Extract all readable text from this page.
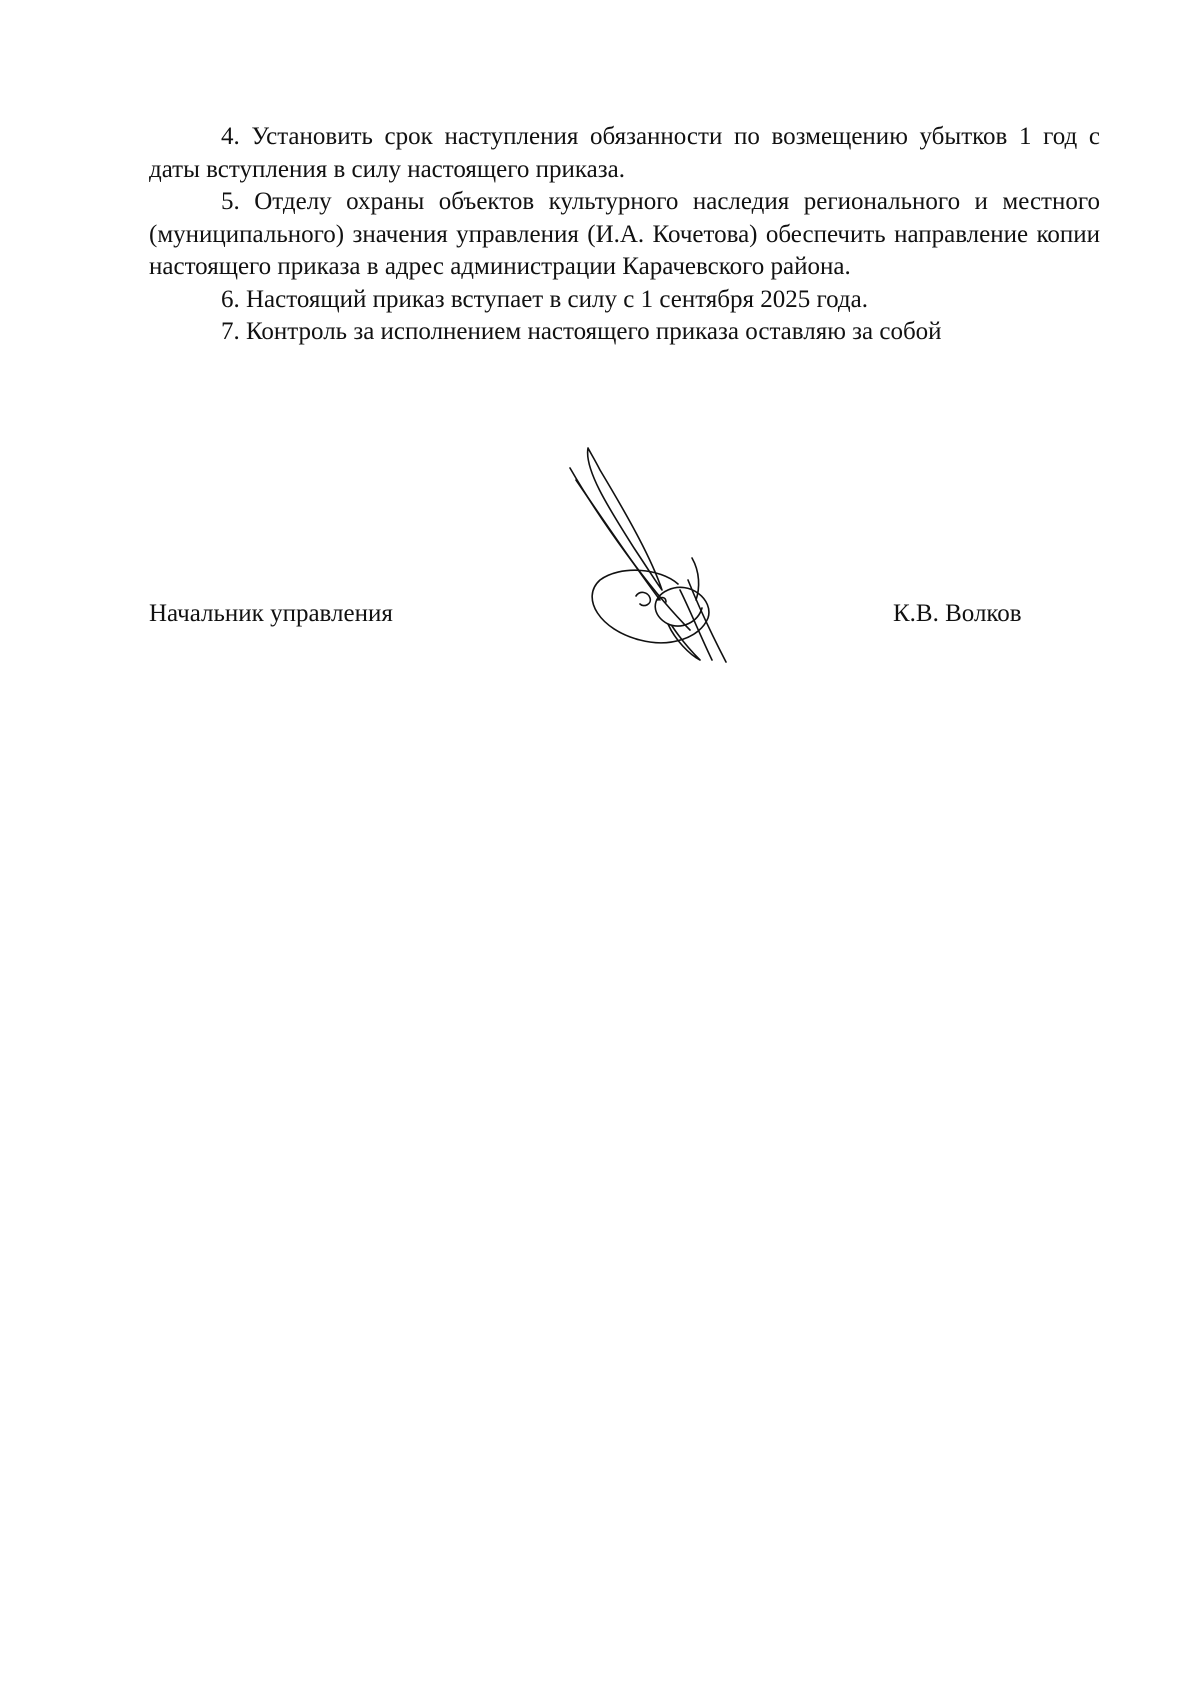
4. Установить срок наступления обязанности по возмещению убытков 1 год с даты вступления в силу настоящего приказа.

5. Отделу охраны объектов культурного наследия регионального и местного (муниципального) значения управления (И.А. Кочетова) обеспечить направление копии настоящего приказа в адрес администрации Карачевского района.

6. Настоящий приказ вступает в силу с 1 сентября 2025 года.

7. Контроль за исполнением настоящего приказа оставляю за собой

Начальник управления	К.В. Волков
